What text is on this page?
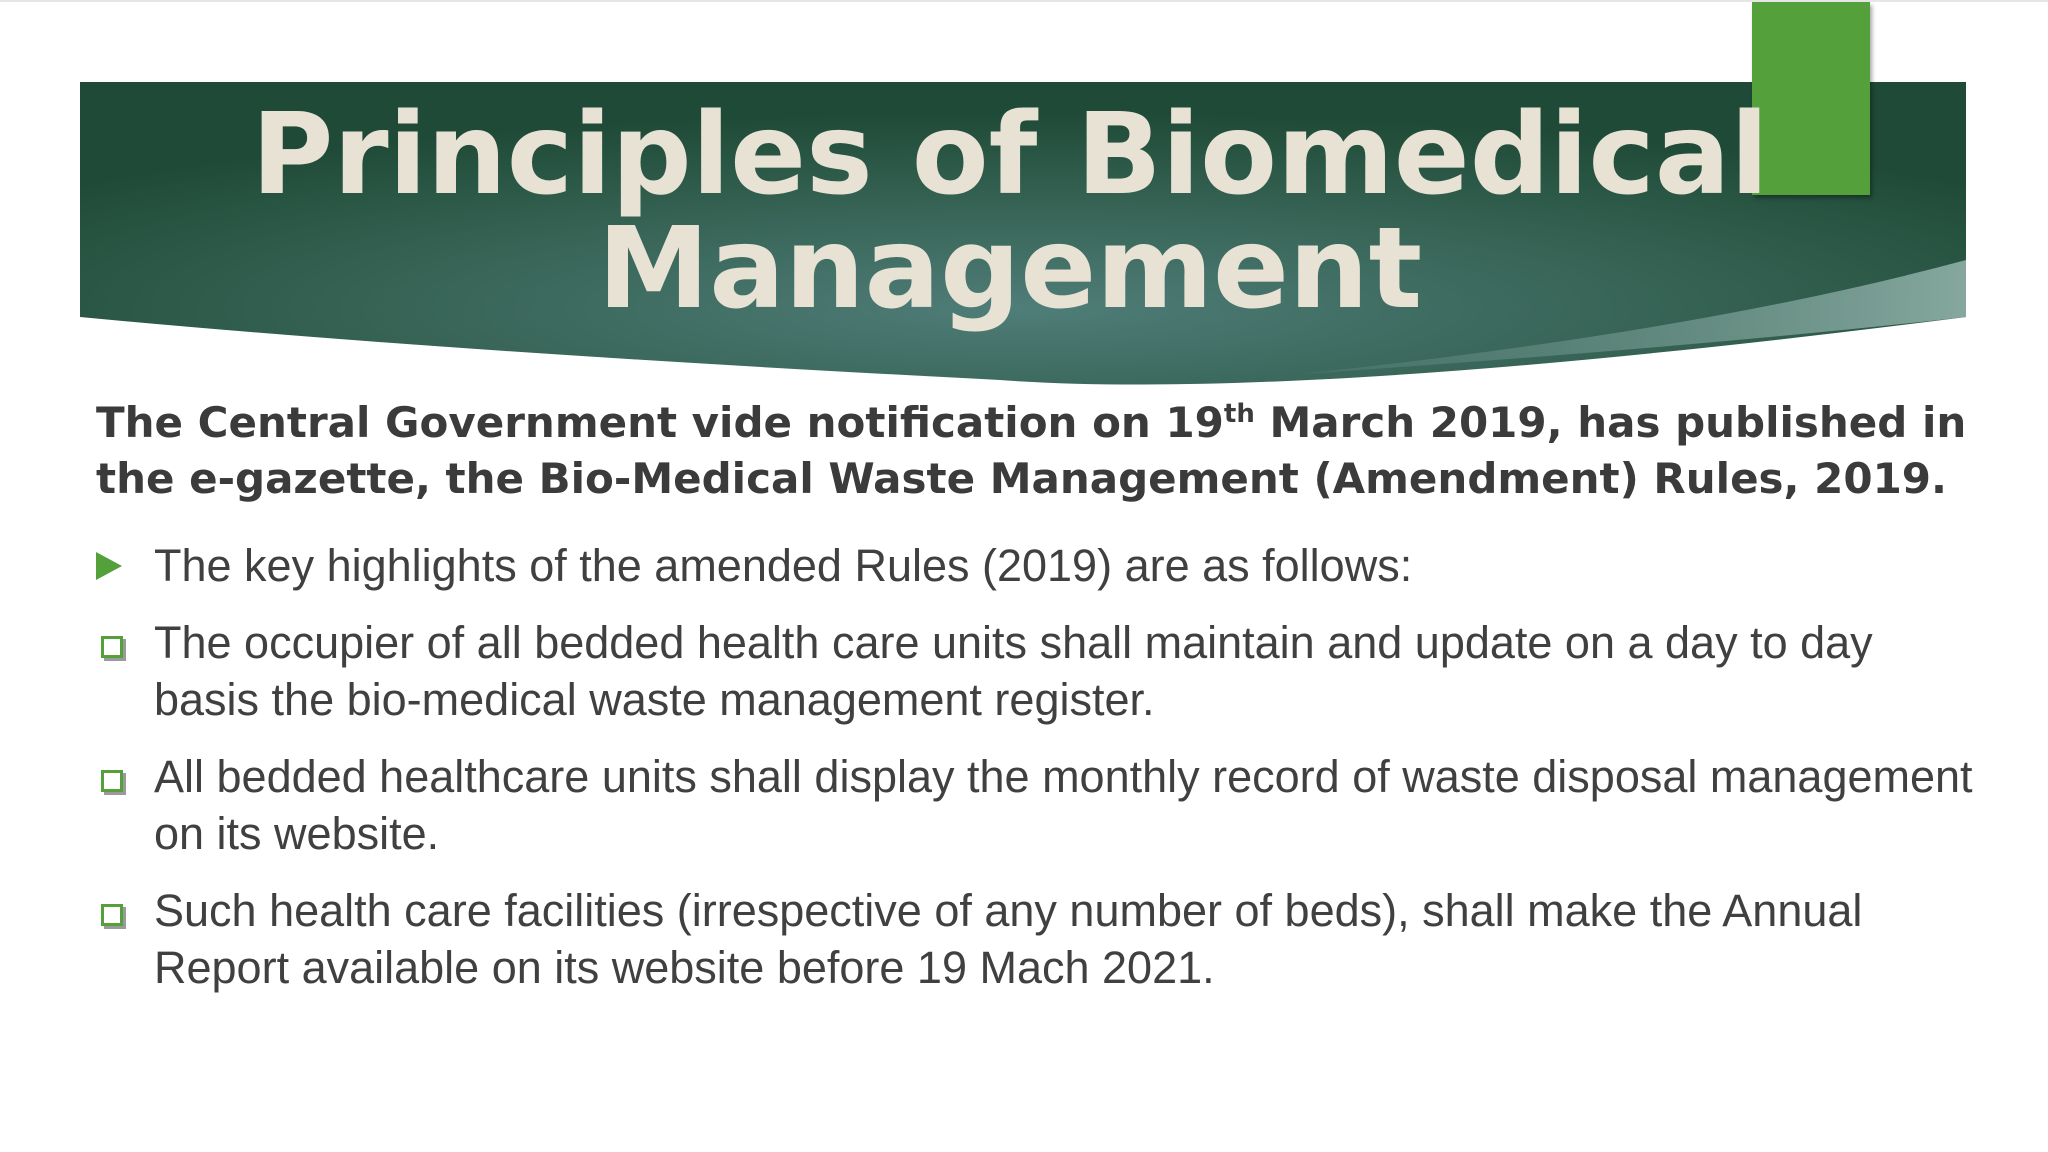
Principles of Biomedical
Management

The Central Government vide notification on 19th March 2019, has published in the e-gazette, the Bio-Medical Waste Management (Amendment) Rules, 2019.

The key highlights of the amended Rules (2019) are as follows:
The occupier of all bedded health care units shall maintain and update on a day to day basis the bio-medical waste management register.
All bedded healthcare units shall display the monthly record of waste disposal management on its website.
Such health care facilities (irrespective of any number of beds), shall make the Annual Report available on its website before 19 Mach 2021.
